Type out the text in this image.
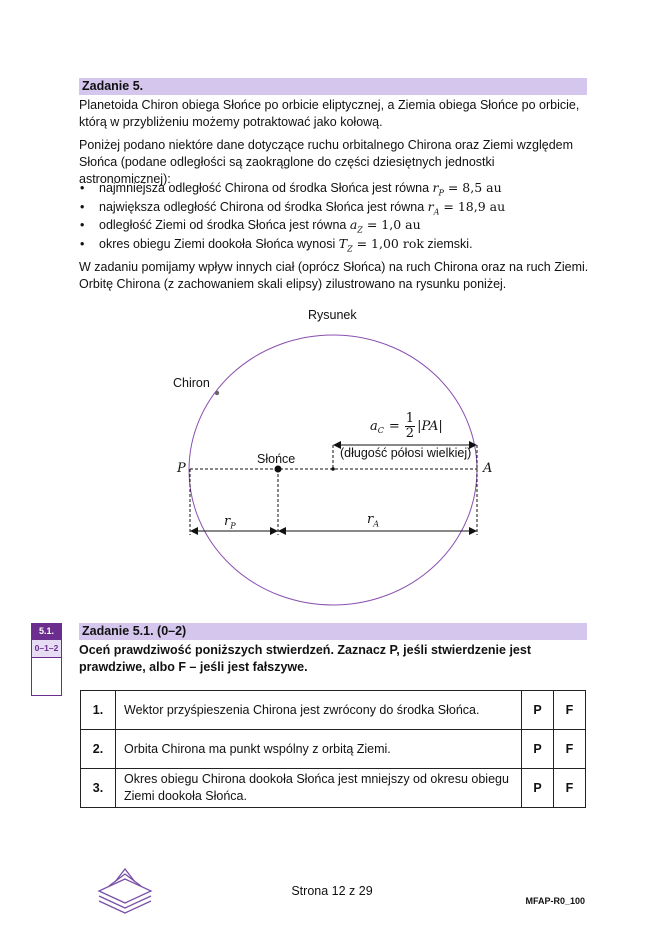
Zadanie 5.
Planetoida Chiron obiega Słońce po orbicie eliptycznej, a Ziemia obiega Słońce po orbicie,
którą w przybliżeniu możemy potraktować jako kołową.
Poniżej podano niektóre dane dotyczące ruchu orbitalnego Chirona oraz Ziemi względem
Słońca (podane odległości są zaokrąglone do części dziesiętnych jednostki astronomicznej):
• najmniejsza odległość Chirona od środka Słońca jest równa $r_P = 8,5$ au
• największa odległość Chirona od środka Słońca jest równa $r_A = 18,9$ au
• odległość Ziemi od środka Słońca jest równa $a_Z = 1,0$ au
• okres obiegu Ziemi dookoła Słońca wynosi $T_Z = 1,00$ rok ziemski.
W zadaniu pomijamy wpływ innych ciał (oprócz Słońca) na ruch Chirona oraz na ruch Ziemi.
Orbitę Chirona (z zachowaniem skali elipsy) zilustrowano na rysunku poniżej.
Rysunek
Chiron
Słońce
P	A
a $_C = \frac{1}{2} |PA|$
(długość półosi wielkiej)
$r_P$	$r_A$
5.1.
0–1–2
Zadanie 5.1. (0–2)
Oceń prawdziwość poniższych stwierdzeń. Zaznacz P, jeśli stwierdzenie jest
prawdziwe, albo F – jeśli jest fałszywe.
1.	Wektor przyśpieszenia Chirona jest zwrócony do środka Słońca.	P	F
2.	Orbita Chirona ma punkt wspólny z orbitą Ziemi.	P	F
3.	Okres obiegu Chirona dookoła Słońca jest mniejszy od okresu obiegu
Ziemi dookoła Słońca.	P	F
Strona 12 z 29
MFAP-R0_100
